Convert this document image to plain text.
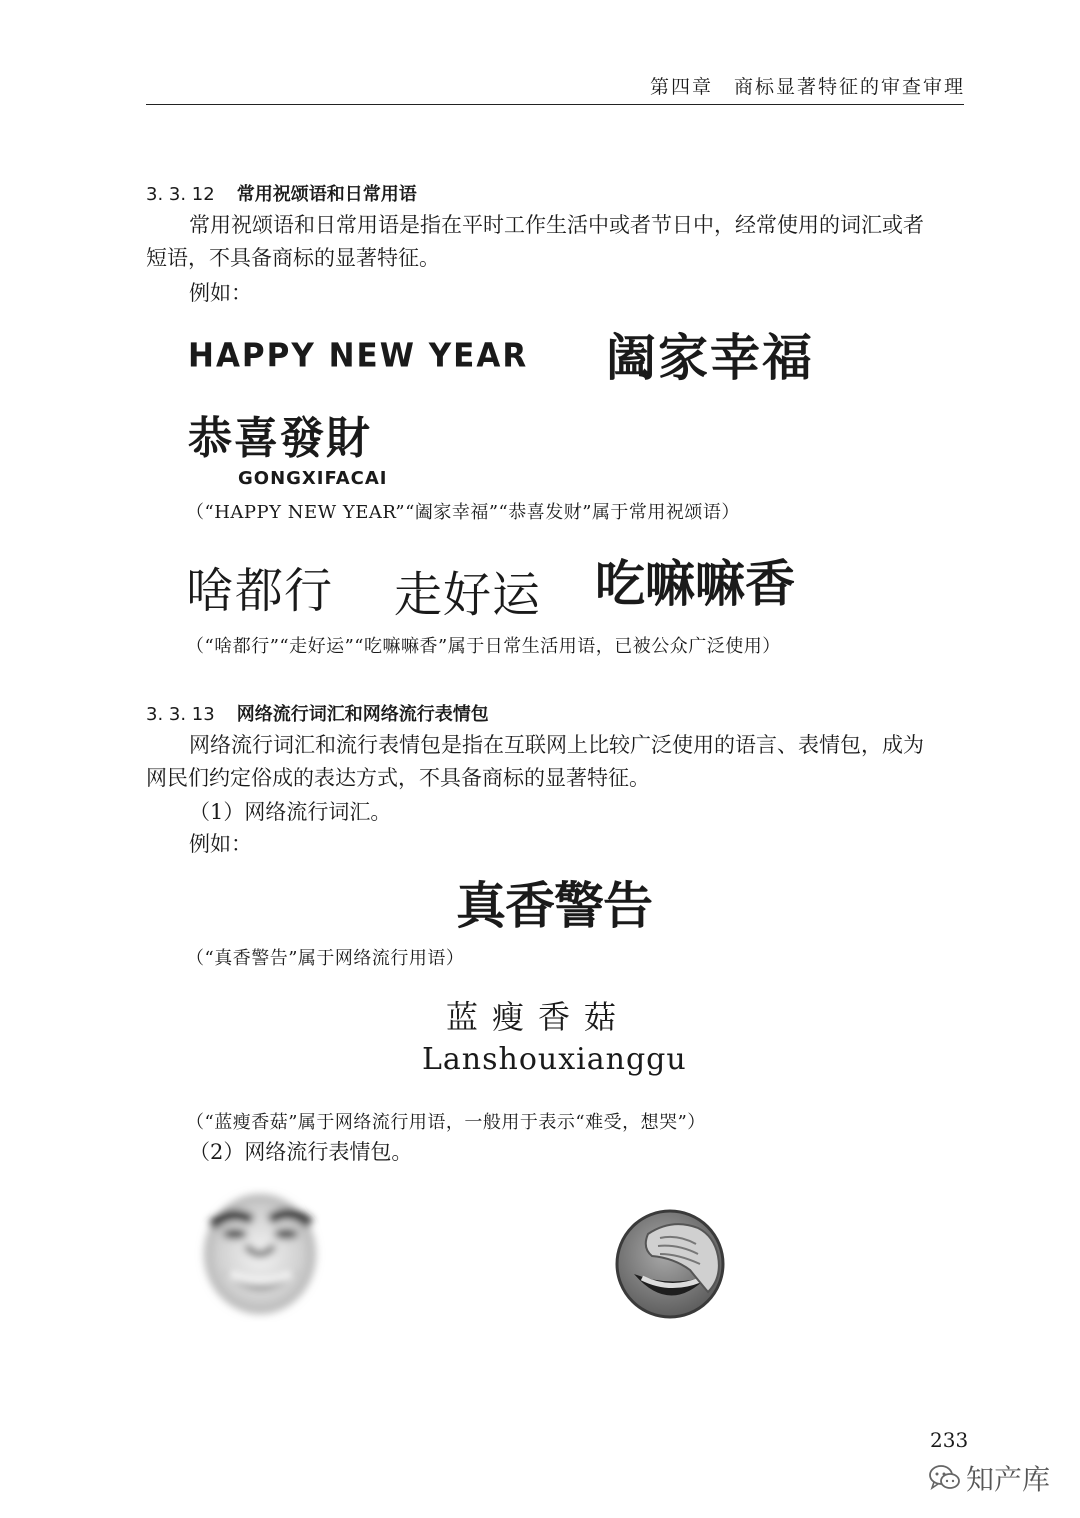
第四章　商标显著特征的审查审理
3. 3. 12 常用祝颂语和日常用语
常用祝颂语和日常用语是指在平时工作生活中或者节日中，经常使用的词汇或者
短语，不具备商标的显著特征。
例如：
HAPPY NEW YEAR 阖家幸福
恭喜發財
GONGXIFACAI
（“HAPPY NEW YEAR”“阖家幸福”“恭喜发财”属于常用祝颂语）
啥都行 走好运 吃嘛嘛香
（“啥都行”“走好运”“吃嘛嘛香”属于日常生活用语，已被公众广泛使用）
3. 3. 13 网络流行词汇和网络流行表情包
网络流行词汇和流行表情包是指在互联网上比较广泛使用的语言、表情包，成为
网民们约定俗成的表达方式，不具备商标的显著特征。
（1）网络流行词汇。
例如：
真香警告
（“真香警告”属于网络流行用语）
蓝瘦香菇
Lanshouxianggu
（“蓝瘦香菇”属于网络流行用语，一般用于表示“难受，想哭”）
（2）网络流行表情包。
233
知产库
